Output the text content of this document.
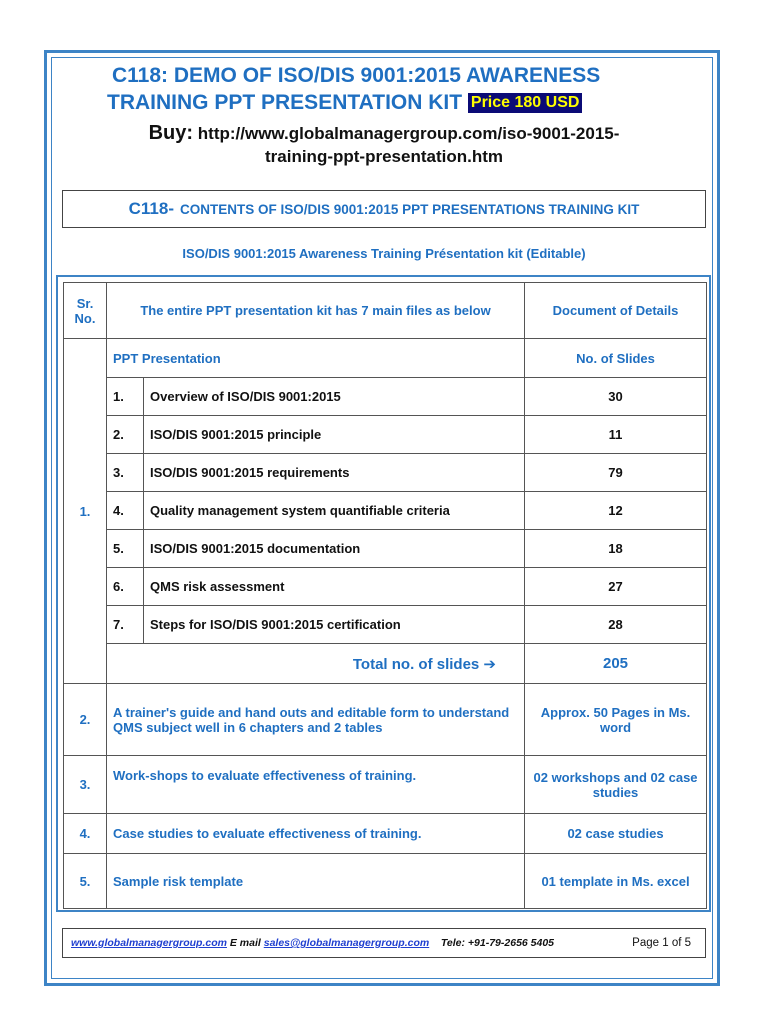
C118: DEMO OF ISO/DIS 9001:2015 AWARENESS
TRAINING PPT PRESENTATION KIT Price 180 USD
Buy: http://www.globalmanagergroup.com/iso-9001-2015-
training-ppt-presentation.htm
C118- CONTENTS OF ISO/DIS 9001:2015 PPT PRESENTATIONS TRAINING KIT
ISO/DIS 9001:2015 Awareness Training Présentation kit (Editable)
Sr. No.	The entire PPT presentation kit has 7 main files as below		Document of Details
1.	PPT Presentation		No. of Slides
	1.	Overview of ISO/DIS 9001:2015	30
	2.	ISO/DIS 9001:2015 principle	11
	3.	ISO/DIS 9001:2015 requirements	79
	4.	Quality management system quantifiable criteria	12
	5.	ISO/DIS 9001:2015 documentation	18
	6.	QMS risk assessment	27
	7.	Steps for ISO/DIS 9001:2015 certification	28
	Total no. of slides ➔		205
2.	A trainer's guide and hand outs and editable form to understand QMS subject well in 6 chapters and 2 tables		Approx. 50 Pages in Ms. word
3.	Work-shops to evaluate effectiveness of training.		02 workshops and 02 case studies
4.	Case studies to evaluate effectiveness of training.		02 case studies
5.	Sample risk template		01 template in Ms. excel
www.globalmanagergroup.com E mail sales@globalmanagergroup.com Tele: +91-79-2656 5405	Page 1 of 5
